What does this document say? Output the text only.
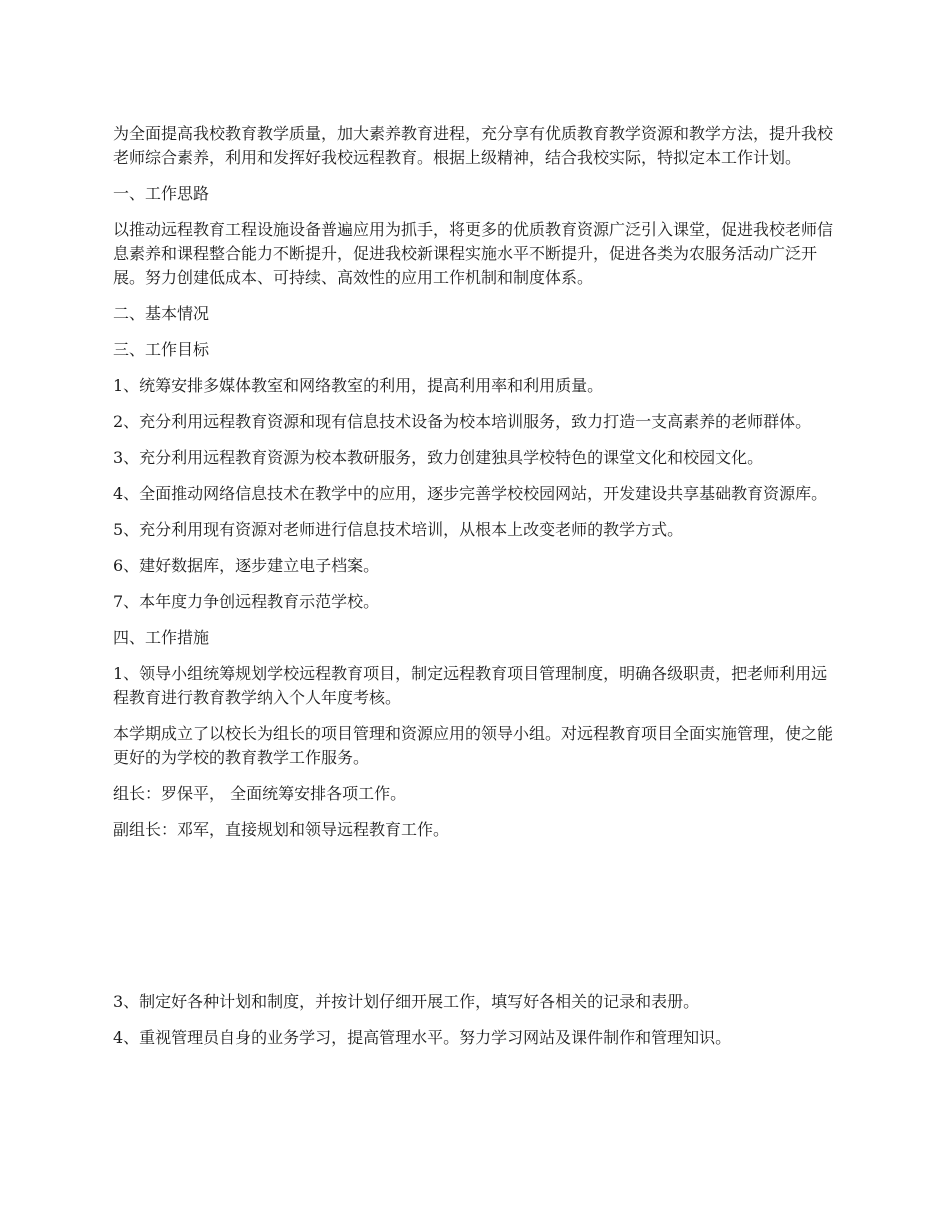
为全面提高我校教育教学质量，加大素养教育进程，充分享有优质教育教学资源和教学方法，提升我校老师综合素养，利用和发挥好我校远程教育。根据上级精神，结合我校实际，特拟定本工作计划。

一、工作思路

以推动远程教育工程设施设备普遍应用为抓手，将更多的优质教育资源广泛引入课堂，促进我校老师信息素养和课程整合能力不断提升，促进我校新课程实施水平不断提升，促进各类为农服务活动广泛开展。努力创建低成本、可持续、高效性的应用工作机制和制度体系。

二、基本情况

三、工作目标

1、统筹安排多媒体教室和网络教室的利用，提高利用率和利用质量。

2、充分利用远程教育资源和现有信息技术设备为校本培训服务，致力打造一支高素养的老师群体。

3、充分利用远程教育资源为校本教研服务，致力创建独具学校特色的课堂文化和校园文化。

4、全面推动网络信息技术在教学中的应用，逐步完善学校校园网站，开发建设共享基础教育资源库。

5、充分利用现有资源对老师进行信息技术培训，从根本上改变老师的教学方式。

6、建好数据库，逐步建立电子档案。

7、本年度力争创远程教育示范学校。

四、工作措施

1、领导小组统筹规划学校远程教育项目，制定远程教育项目管理制度，明确各级职责，把老师利用远程教育进行教育教学纳入个人年度考核。

本学期成立了以校长为组长的项目管理和资源应用的领导小组。对远程教育项目全面实施管理，使之能更好的为学校的教育教学工作服务。

组长：罗保平， 全面统筹安排各项工作。

副组长：邓军，直接规划和领导远程教育工作。

3、制定好各种计划和制度，并按计划仔细开展工作，填写好各相关的记录和表册。

4、重视管理员自身的业务学习，提高管理水平。努力学习网站及课件制作和管理知识。
